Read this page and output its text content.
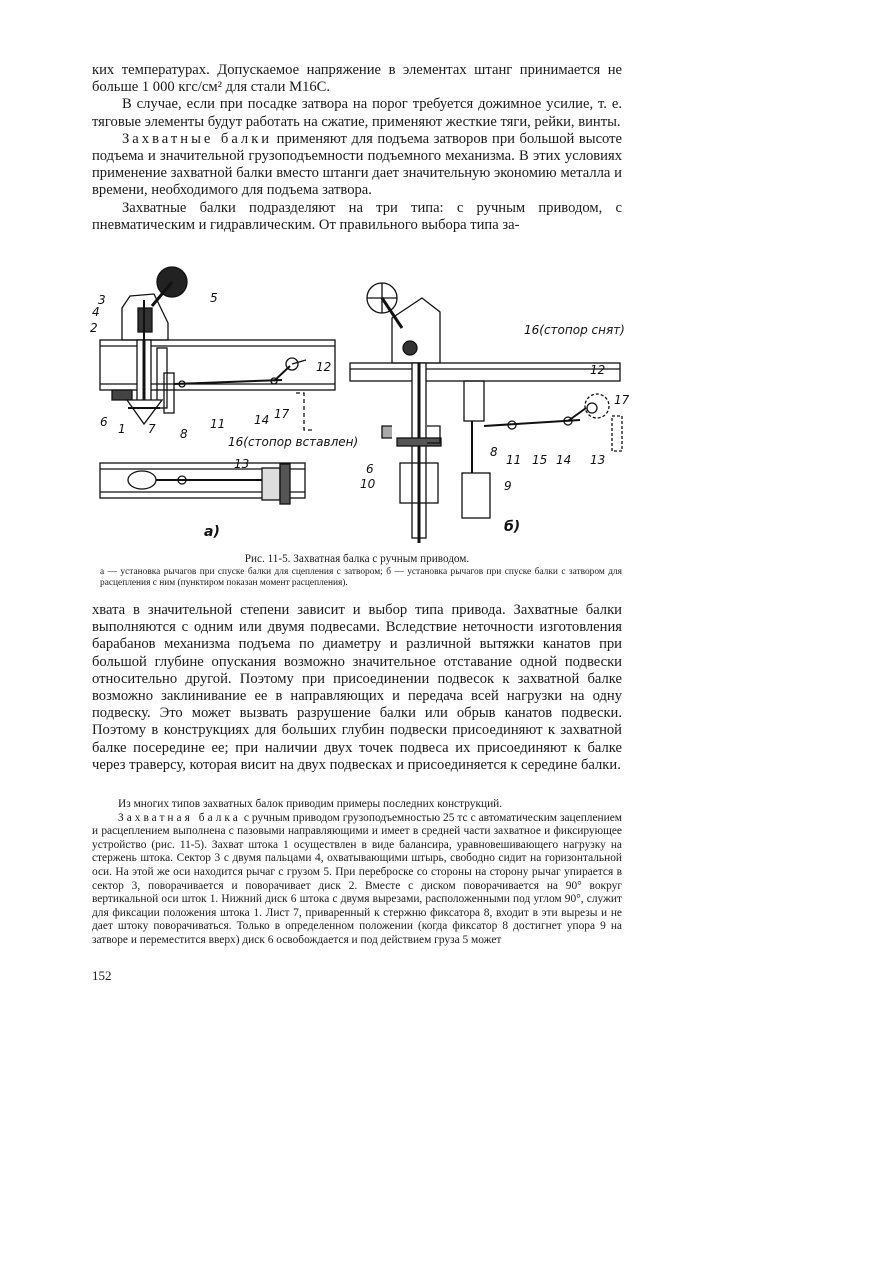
ких температурах. Допускаемое напряжение в элементах штанг принимается не больше 1 000 кгс/см² для стали М16С.

В случае, если при посадке затвора на порог требуется дожимное усилие, т. е. тяговые элементы будут работать на сжатие, применяют жесткие тяги, рейки, винты.

Захватные балки применяют для подъема затворов при большой высоте подъема и значительной грузоподъемности подъемного механизма. В этих условиях применение захватной балки вместо штанги дает значительную экономию металла и времени, необходимого для подъема затвора.

Захватные балки подразделяют на три типа: с ручным приводом, с пневматическим и гидравлическим. От правильного выбора типа за-

3
4
2
5
12
6 1 7 8
11 14 17
16(стопор вставлен)
13
а)
16(стопор снят)
12
17
6
10
8
11 15 14 13
9
б)
Рис. 11-5. Захватная балка с ручным приводом.
а — установка рычагов при спуске балки для сцепления с затвором; б — установка рычагов при спуске балки с затвором для расцепления с ним (пунктиром показан момент расцепления).

хвата в значительной степени зависит и выбор типа привода. Захватные балки выполняются с одним или двумя подвесами. Вследствие неточности изготовления барабанов механизма подъема по диаметру и различной вытяжки канатов при большой глубине опускания возможно значительное отставание одной подвески относительно другой. Поэтому при присоединении подвесок к захватной балке возможно заклинивание ее в направляющих и передача всей нагрузки на одну подвеску. Это может вызвать разрушение балки или обрыв канатов подвески. Поэтому в конструкциях для больших глубин подвески присоединяют к захватной балке посередине ее; при наличии двух точек подвеса их присоединяют к балке через траверсу, которая висит на двух подвесках и присоединяется к середине балки.

Из многих типов захватных балок приводим примеры последних конструкций.

Захватная балка с ручным приводом грузоподъемностью 25 тс с автоматическим зацеплением и расцеплением выполнена с пазовыми направляющими и имеет в средней части захватное и фиксирующее устройство (рис. 11-5). Захват штока 1 осуществлен в виде балансира, уравновешивающего нагрузку на стержень штока. Сектор 3 с двумя пальцами 4, охватывающими штырь, свободно сидит на горизонтальной оси. На этой же оси находится рычаг с грузом 5. При переброске со стороны на сторону рычаг упирается в сектор 3, поворачивается и поворачивает диск 2. Вместе с диском поворачивается на 90° вокруг вертикальной оси шток 1. Нижний диск 6 штока с двумя вырезами, расположенными под углом 90°, служит для фиксации положения штока 1. Лист 7, приваренный к стержню фиксатора 8, входит в эти вырезы и не дает штоку поворачиваться. Только в определенном положении (когда фиксатор 8 достигнет упора 9 на затворе и переместится вверх) диск 6 освобождается и под действием груза 5 может

152
